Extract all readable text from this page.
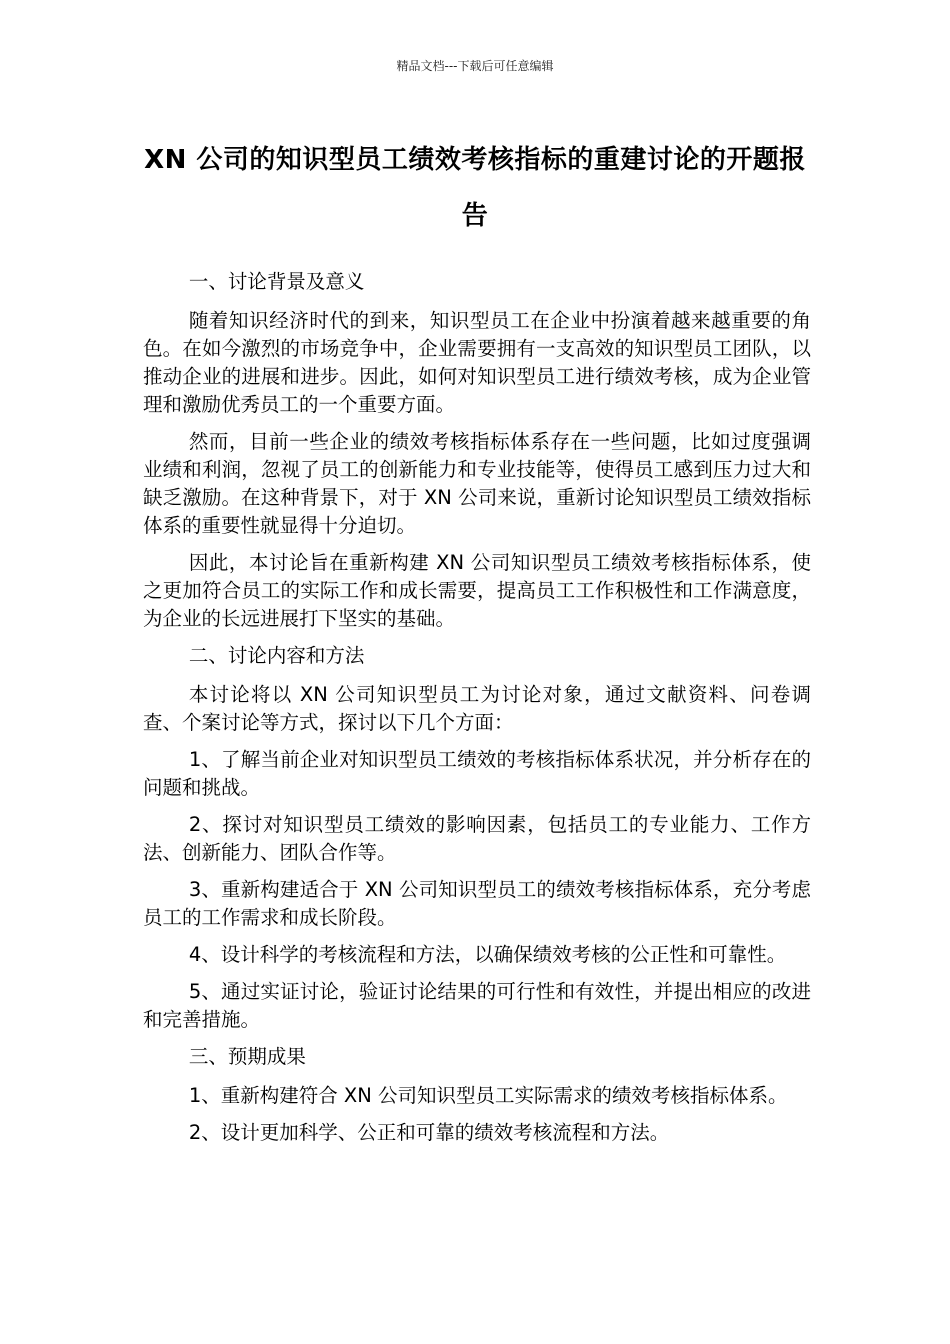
精品文档---下载后可任意编辑
XN 公司的知识型员工绩效考核指标的重建讨论的开题报告

一、讨论背景及意义

随着知识经济时代的到来，知识型员工在企业中扮演着越来越重要的角色。在如今激烈的市场竞争中，企业需要拥有一支高效的知识型员工团队，以推动企业的进展和进步。因此，如何对知识型员工进行绩效考核，成为企业管理和激励优秀员工的一个重要方面。

然而，目前一些企业的绩效考核指标体系存在一些问题，比如过度强调业绩和利润，忽视了员工的创新能力和专业技能等，使得员工感到压力过大和缺乏激励。在这种背景下，对于 XN 公司来说，重新讨论知识型员工绩效指标体系的重要性就显得十分迫切。

因此，本讨论旨在重新构建 XN 公司知识型员工绩效考核指标体系，使之更加符合员工的实际工作和成长需要，提高员工工作积极性和工作满意度，为企业的长远进展打下坚实的基础。

二、讨论内容和方法

本讨论将以 XN 公司知识型员工为讨论对象，通过文献资料、问卷调查、个案讨论等方式，探讨以下几个方面：

1、了解当前企业对知识型员工绩效的考核指标体系状况，并分析存在的问题和挑战。

2、探讨对知识型员工绩效的影响因素，包括员工的专业能力、工作方法、创新能力、团队合作等。

3、重新构建适合于 XN 公司知识型员工的绩效考核指标体系，充分考虑员工的工作需求和成长阶段。

4、设计科学的考核流程和方法，以确保绩效考核的公正性和可靠性。

5、通过实证讨论，验证讨论结果的可行性和有效性，并提出相应的改进和完善措施。

三、预期成果

1、重新构建符合 XN 公司知识型员工实际需求的绩效考核指标体系。

2、设计更加科学、公正和可靠的绩效考核流程和方法。
